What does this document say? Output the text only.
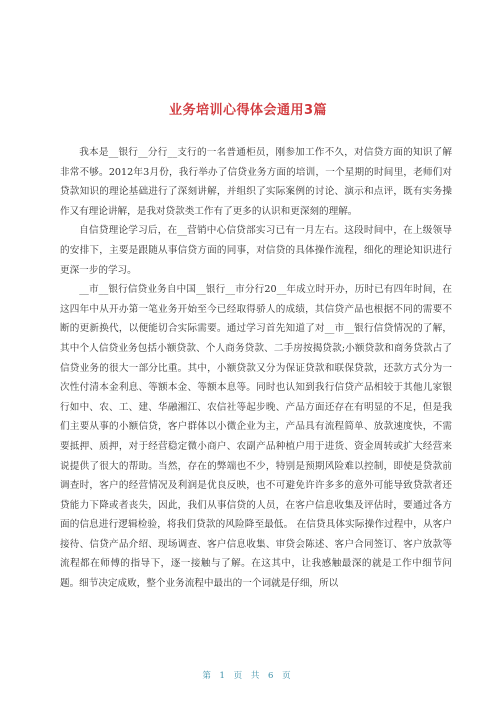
业务培训心得体会通用3篇

我本是__银行__分行__支行的一名普通柜员，刚参加工作不久，对信贷方面的知识了解非常不够。2012年3月份，我行举办了信贷业务方面的培训，一个星期的时间里，老师们对贷款知识的理论基础进行了深刻讲解，并组织了实际案例的讨论、演示和点评，既有实务操作又有理论讲解，是我对贷款类工作有了更多的认识和更深刻的理解。

自信贷理论学习后，在__营销中心信贷部实习已有一月左右。这段时间中，在上级领导的安排下，主要是跟随从事信贷方面的同事，对信贷的具体操作流程，细化的理论知识进行更深一步的学习。

__市__银行信贷业务自中国__银行__市分行20__年成立时开办，历时已有四年时间，在这四年中从开办第一笔业务开始至今已经取得骄人的成绩，其信贷产品也根据不同的需要不断的更新换代，以便能切合实际需要。通过学习首先知道了对__市__银行信贷情况的了解，其中个人信贷业务包括小额贷款、个人商务贷款、二手房按揭贷款;小额贷款和商务贷款占了信贷业务的很大一部分比重。其中，小额贷款又分为保证贷款和联保贷款，还款方式分为一次性付清本金利息、等额本金、等额本息等。同时也认知到我行信贷产品相较于其他儿家银行如中、农、工、建、华融湘江、农信社等起步晚、产品方面还存在有明显的不足，但是我们主要从事的小额信贷，客户群体以小微企业为主，产品具有流程简单、放款速度快，不需要抵押、质押，对于经营稳定微小商户、农副产品种植户用于进货、资金周转或扩大经营来说提供了很大的帮助。当然，存在的弊端也不少，特别是预期风险难以控制，即使是贷款前调查时，客户的经营情况及利润是优良反映，也不可避免许许多多的意外可能导致贷款者还贷能力下降或者丧失，因此，我们从事信贷的人员，在客户信息收集及评估时，要通过各方面的信息进行逻辑检验，将我们贷款的风险降至最低。 在信贷具体实际操作过程中，从客户接待、信贷产品介绍、现场调查、客户信息收集、审贷会陈述、客户合同签订、客户放款等流程都在师傅的指导下，逐一接触与了解。在这其中，让我感触最深的就是工作中细节问题。细节决定成败，整个业务流程中最出的一个词就是仔细，所以

第 1 页 共 6 页
